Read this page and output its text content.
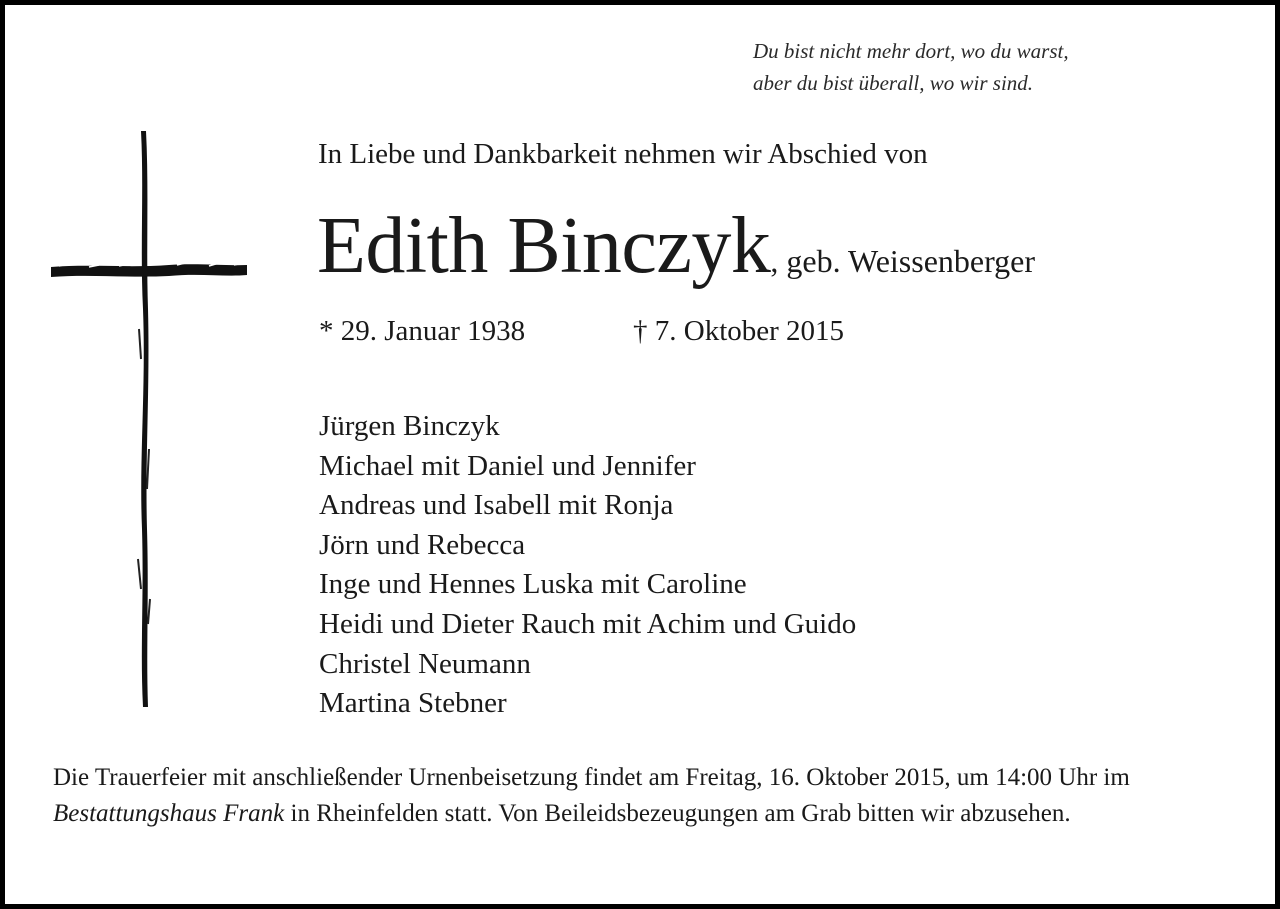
Du bist nicht mehr dort, wo du warst,
aber du bist überall, wo wir sind.
In Liebe und Dankbarkeit nehmen wir Abschied von
Edith Binczyk, geb. Weissenberger
* 29. Januar 1938	† 7. Oktober 2015
Jürgen Binczyk
Michael mit Daniel und Jennifer
Andreas und Isabell mit Ronja
Jörn und Rebecca
Inge und Hennes Luska mit Caroline
Heidi und Dieter Rauch mit Achim und Guido
Christel Neumann
Martina Stebner
Die Trauerfeier mit anschließender Urnenbeisetzung findet am Freitag, 16. Oktober 2015, um 14:00 Uhr im Bestattungshaus Frank in Rheinfelden statt. Von Beileidsbezeugungen am Grab bitten wir abzusehen.
